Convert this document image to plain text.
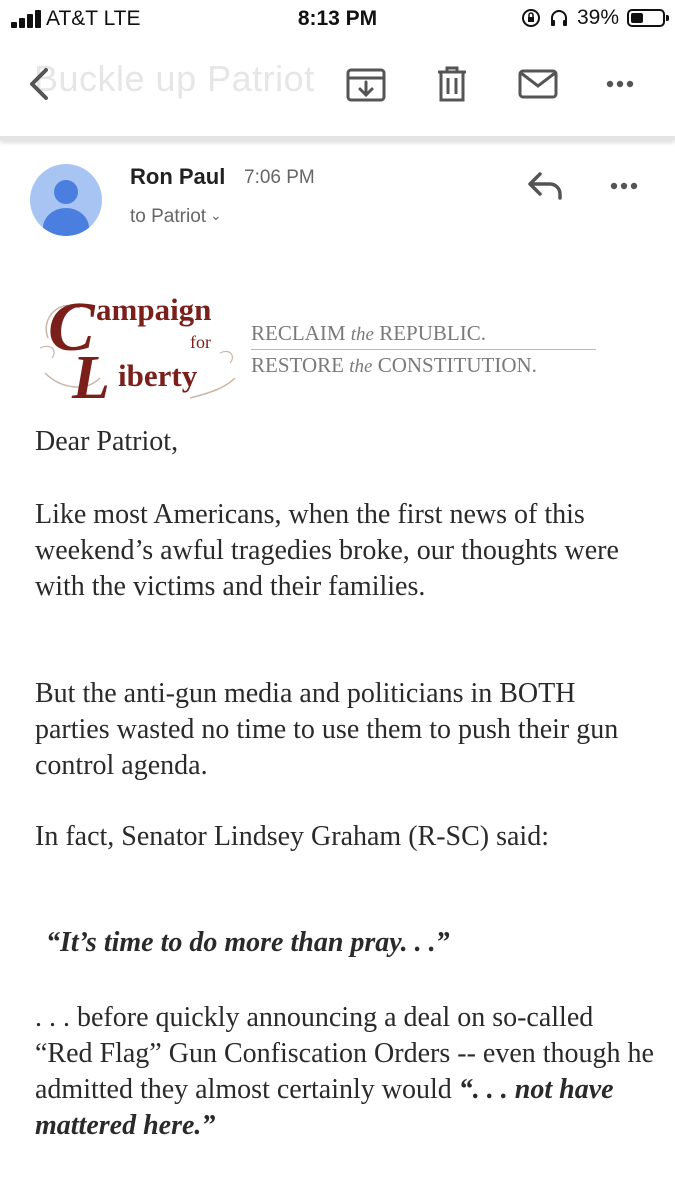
AT&T LTE	8:13 PM	39%
Buckle up Patriot
Ron Paul 7:06 PM
to Patriot ⌄
C ampaign
for
L iberty
RECLAIM the REPUBLIC.
RESTORE the CONSTITUTION.

Dear Patriot,

Like most Americans, when the first news of this weekend’s awful tragedies broke, our thoughts were with the victims and their families.

But the anti-gun media and politicians in BOTH parties wasted no time to use them to push their gun control agenda.

In fact, Senator Lindsey Graham (R-SC) said:

“It’s time to do more than pray. . .”

. . . before quickly announcing a deal on so-called “Red Flag” Gun Confiscation Orders -- even though he admitted they almost certainly would “. . . not have mattered here.”
